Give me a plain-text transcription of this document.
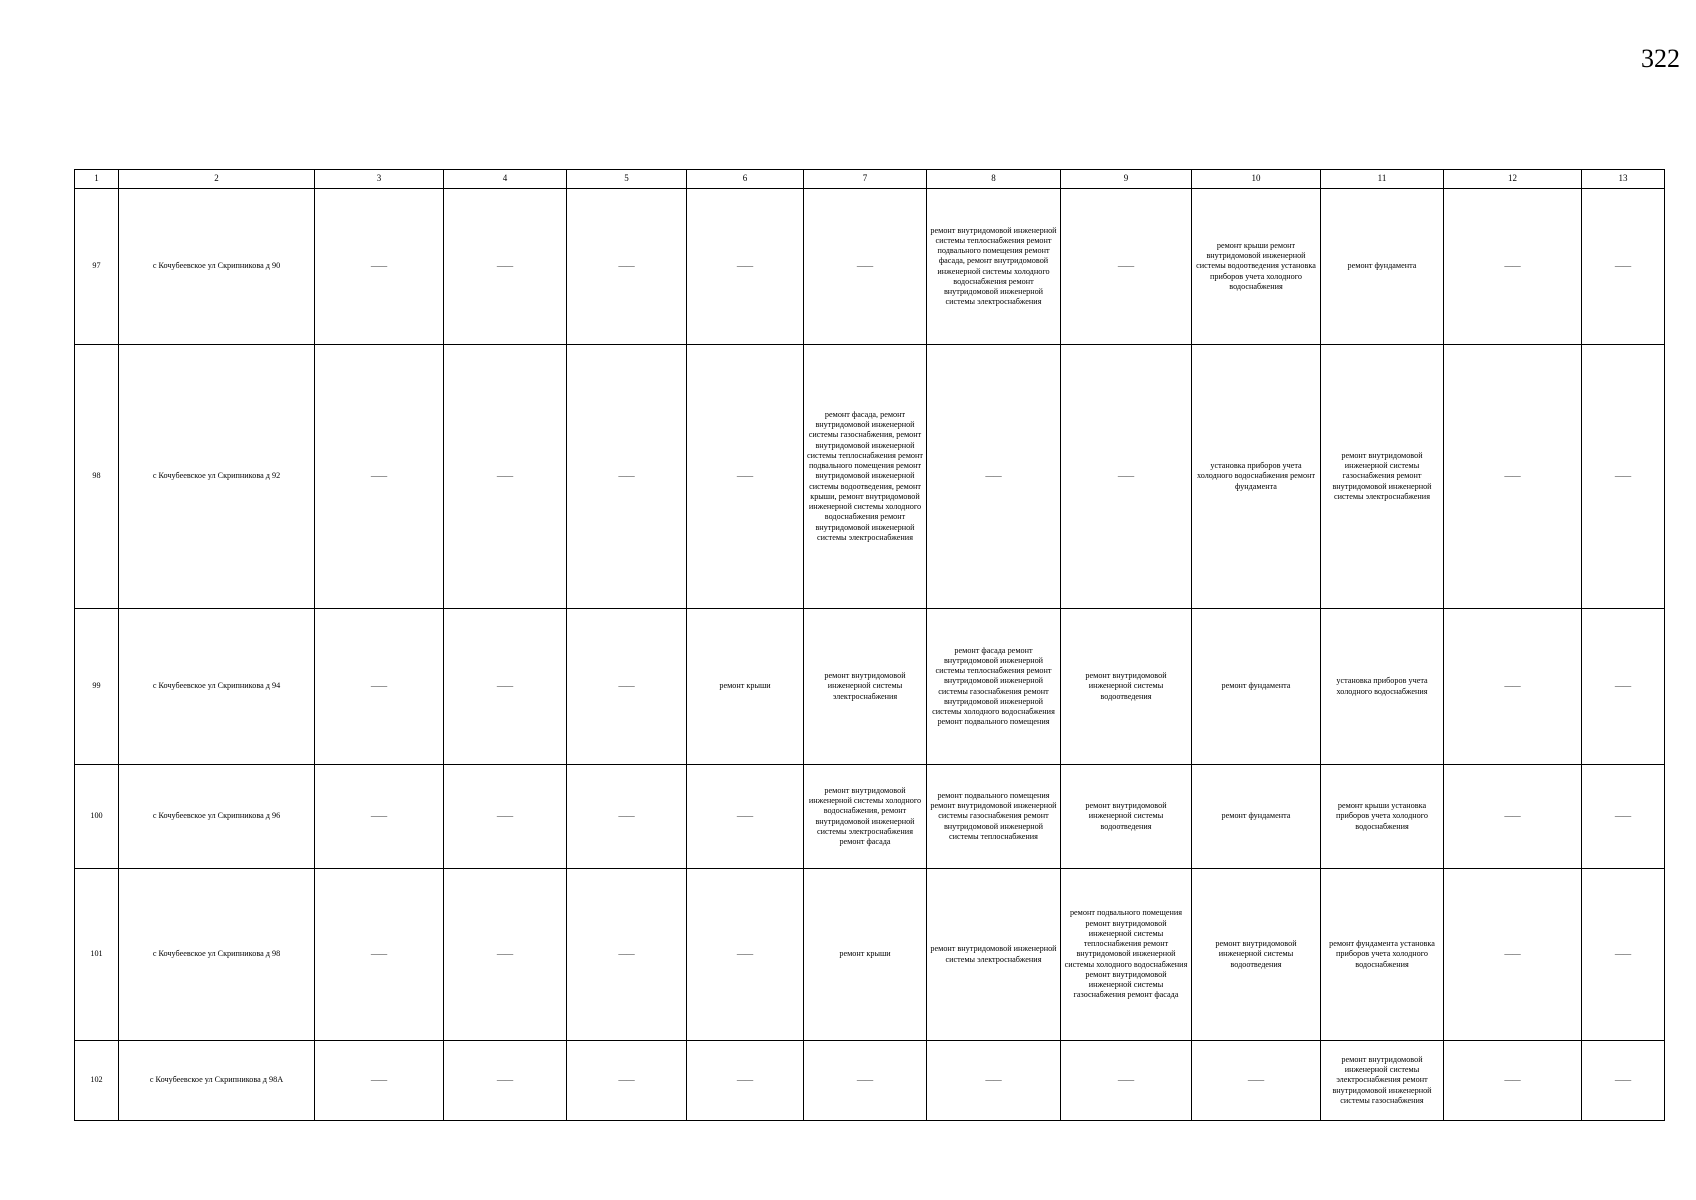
322
1	2	3	4	5	6	7	8	9	10	11	12	13
97	с Кочубеевское ул Скрипникова д 90	——	——	——	——	——	ремонт внутридомовой инженерной системы теплоснабжения ремонт подвального помещения ремонт фасада, ремонт внутридомовой инженерной системы холодного водоснабжения ремонт внутридомовой инженерной системы электроснабжения	——	ремонт крыши ремонт внутридомовой инженерной системы водоотведения установка приборов учета холодного водоснабжения	ремонт фундамента	——	——
98	с Кочубеевское ул Скрипникова д 92	——	——	——	——	ремонт фасада, ремонт внутридомовой инженерной системы газоснабжения, ремонт внутридомовой инженерной системы теплоснабжения ремонт подвального помещения ремонт внутридомовой инженерной системы водоотведения, ремонт крыши, ремонт внутридомовой инженерной системы холодного водоснабжения ремонт внутридомовой инженерной системы электроснабжения	——	——	установка приборов учета холодного водоснабжения ремонт фундамента	ремонт внутридомовой инженерной системы газоснабжения ремонт внутридомовой инженерной системы электроснабжения	——	——
99	с Кочубеевское ул Скрипникова д 94	——	——	——	ремонт крыши	ремонт внутридомовой инженерной системы электроснабжения	ремонт фасада ремонт внутридомовой инженерной системы теплоснабжения ремонт внутридомовой инженерной системы газоснабжения ремонт внутридомовой инженерной системы холодного водоснабжения ремонт подвального помещения	ремонт внутридомовой инженерной системы водоотведения	ремонт фундамента	установка приборов учета холодного водоснабжения	——	——
100	с Кочубеевское ул Скрипникова д 96	——	——	——	——	ремонт внутридомовой инженерной системы холодного водоснабжения, ремонт внутридомовой инженерной системы электроснабжения ремонт фасада	ремонт подвального помещения ремонт внутридомовой инженерной системы газоснабжения ремонт внутридомовой инженерной системы теплоснабжения	ремонт внутридомовой инженерной системы водоотведения	ремонт фундамента	ремонт крыши установка приборов учета холодного водоснабжения	——	——
101	с Кочубеевское ул Скрипникова д 98	——	——	——	——	ремонт крыши	ремонт внутридомовой инженерной системы электроснабжения	ремонт подвального помещения ремонт внутридомовой инженерной системы теплоснабжения ремонт внутридомовой инженерной системы холодного водоснабжения ремонт внутридомовой инженерной системы газоснабжения ремонт фасада	ремонт внутридомовой инженерной системы водоотведения	ремонт фундамента установка приборов учета холодного водоснабжения	——	——
102	с Кочубеевское ул Скрипникова д 98А	——	——	——	——	——	——	——	——	ремонт внутридомовой инженерной системы электроснабжения ремонт внутридомовой инженерной системы газоснабжения	——	——
